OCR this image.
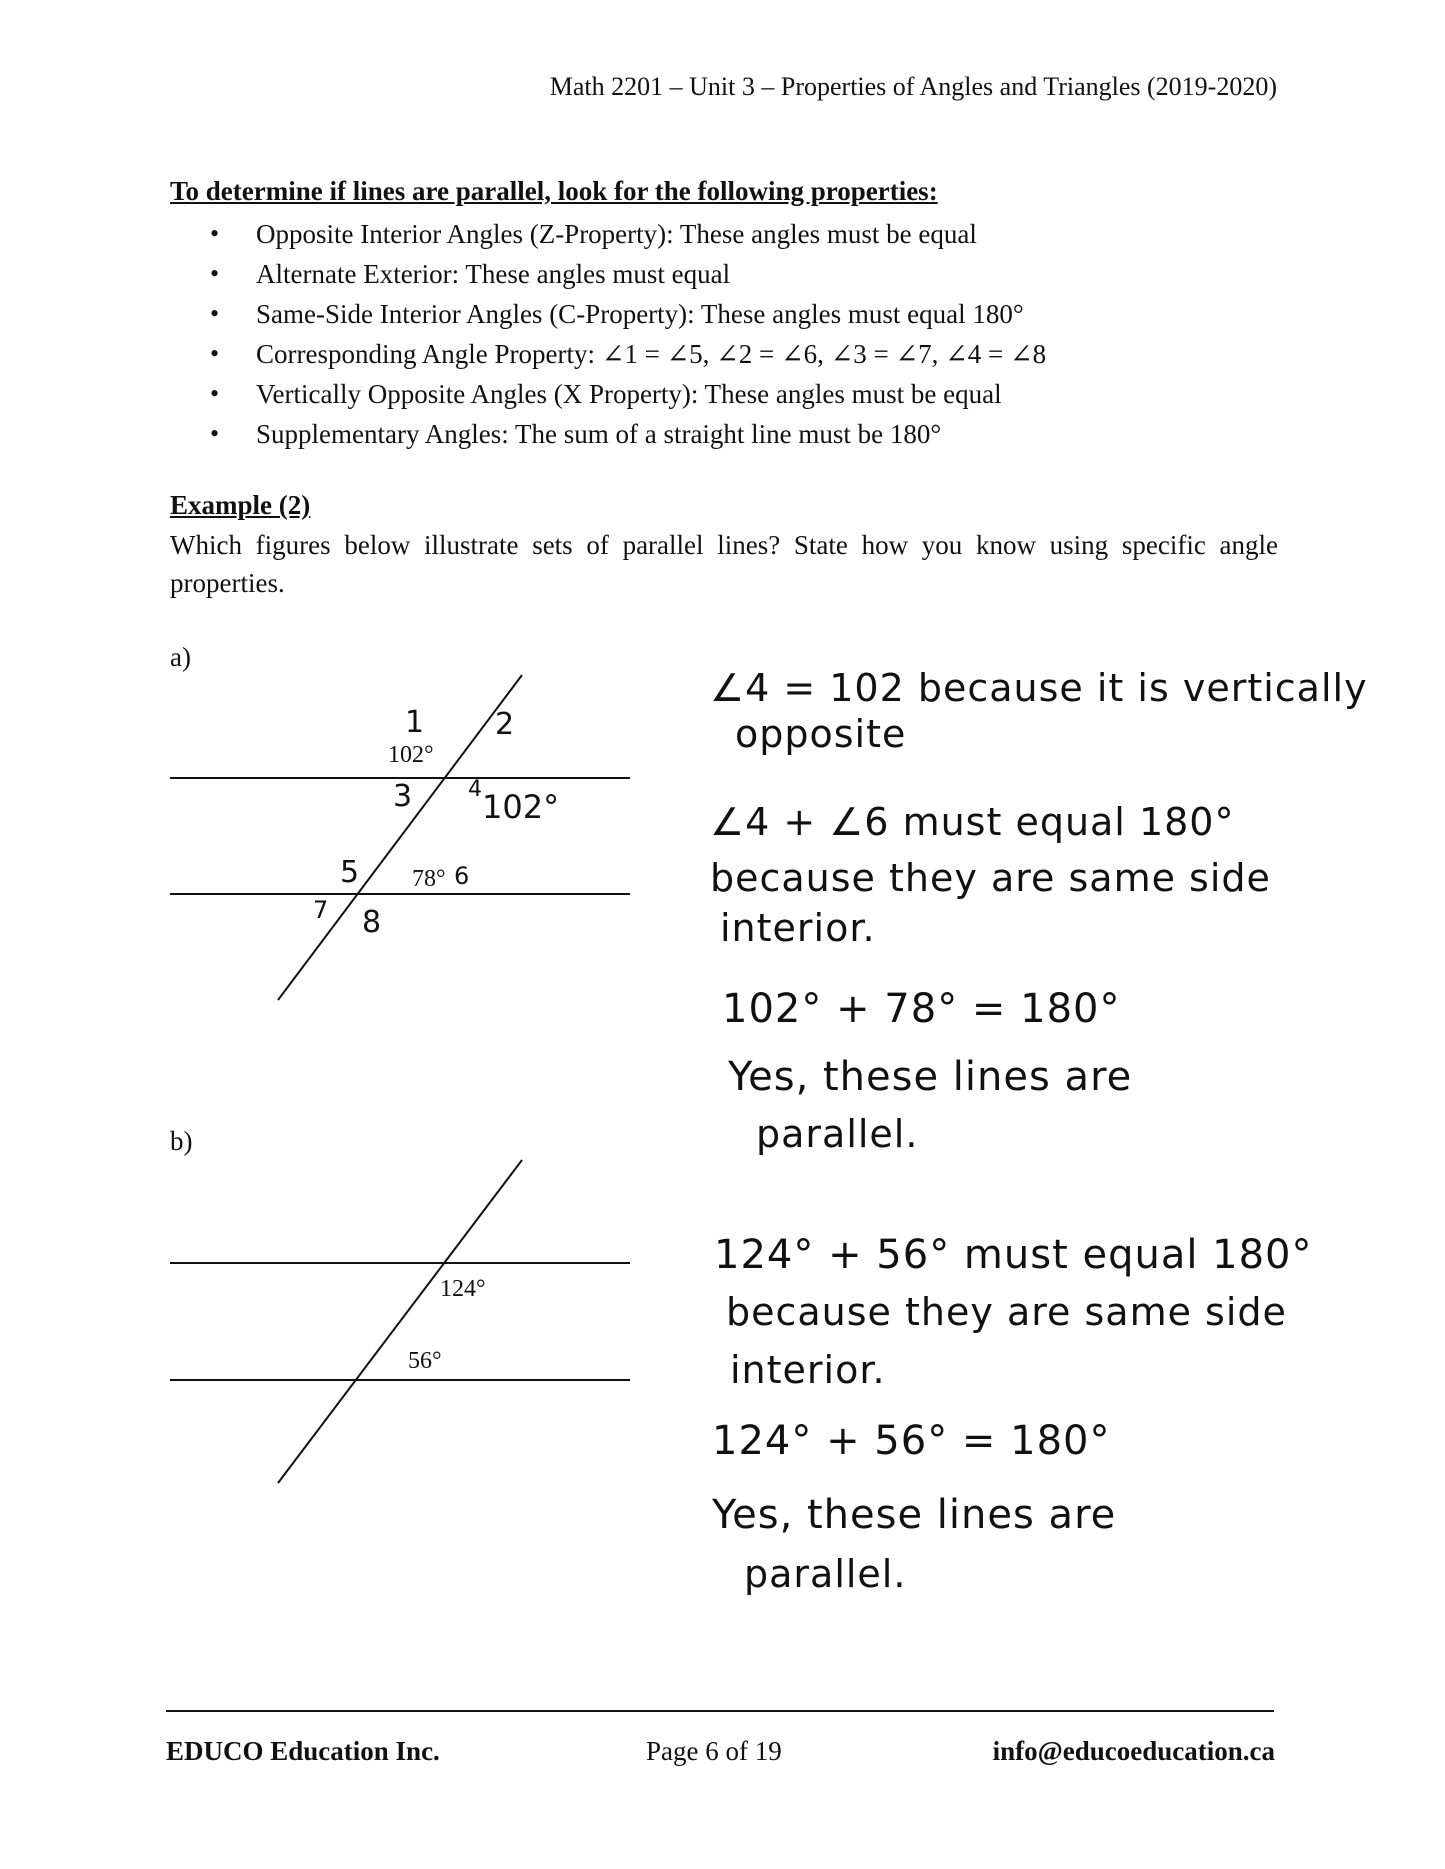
Math 2201 – Unit 3 – Properties of Angles and Triangles (2019-2020)
To determine if lines are parallel, look for the following properties:
• Opposite Interior Angles (Z-Property): These angles must be equal
• Alternate Exterior: These angles must equal
• Same-Side Interior Angles (C-Property): These angles must equal 180°
• Corresponding Angle Property: ∠1 = ∠5, ∠2 = ∠6, ∠3 = ∠7, ∠4 = ∠8
• Vertically Opposite Angles (X Property): These angles must be equal
• Supplementary Angles: The sum of a straight line must be 180°
Example (2)
Which figures below illustrate sets of parallel lines? State how you know using specific angle properties.
a)
1 2
102°
3	4 102°
5 78° 6
7 8
∠4 = 102 because it is vertically
opposite
∠4 + ∠6 must equal 180°
because they are same side
interior.
102° + 78° = 180°
Yes, these lines are
parallel.
b)
124°
56°
124° + 56° must equal 180°
because they are same side
interior.
124° + 56° = 180°
Yes, these lines are
parallel.
EDUCO Education Inc.	Page 6 of 19	info@educoeducation.ca
